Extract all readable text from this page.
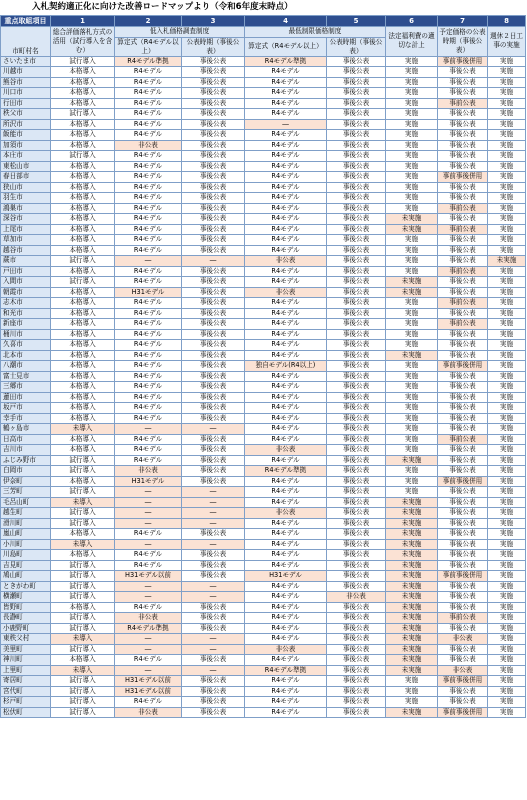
入札契約適正化に向けた改善ロードマップより（令和6年度末時点）
重点取組項目	1	2	3	4	5	6	7	8
市町村名	総合評価落札方式の活用（試行導入を含む）	低入札価格調査制度		最低制限価格制度		法定福利費の適切な計上	予定価格の公表時期（事後公表）	週休２日工事の実施
		算定式（R4モデル以上）	公表時期（事後公表）	算定式（R4モデル以上）	公表時期（事後公表）			
さいたま市	試行導入	R4モデル準拠	事後公表	R4モデル準拠	事後公表	実施	事前事後併用	実施
川越市	本格導入	R4モデル	事後公表	R4モデル	事後公表	実施	事後公表	実施
熊谷市	本格導入	R4モデル	事後公表	R4モデル	事後公表	実施	事後公表	実施
川口市	本格導入	R4モデル	事後公表	R4モデル	事後公表	実施	事後公表	実施
行田市	本格導入	R4モデル	事後公表	R4モデル	事後公表	実施	事前公表	実施
秩父市	試行導入	R4モデル	事後公表	R4モデル	事後公表	実施	事後公表	実施
所沢市	本格導入	R4モデル	事後公表	―	事後公表	実施	事後公表	実施
飯能市	本格導入	R4モデル	事後公表	R4モデル	事後公表	実施	事後公表	実施
加須市	本格導入	非公表	事後公表	R4モデル	事後公表	実施	事後公表	実施
本庄市	試行導入	R4モデル	事後公表	R4モデル	事後公表	実施	事後公表	実施
東松山市	本格導入	R4モデル	事後公表	R4モデル	事後公表	実施	事後公表	実施
春日部市	本格導入	R4モデル	事後公表	R4モデル	事後公表	実施	事前事後併用	実施
狭山市	本格導入	R4モデル	事後公表	R4モデル	事後公表	実施	事後公表	実施
羽生市	本格導入	R4モデル	事後公表	R4モデル	事後公表	実施	事後公表	実施
鴻巣市	本格導入	R4モデル	事後公表	R4モデル	事後公表	実施	事前公表	実施
深谷市	本格導入	R4モデル	事後公表	R4モデル	事後公表	未実施	事後公表	実施
上尾市	本格導入	R4モデル	事後公表	R4モデル	事後公表	未実施	事前公表	実施
草加市	本格導入	R4モデル	事後公表	R4モデル	事後公表	実施	事後公表	実施
越谷市	本格導入	R4モデル	事後公表	R4モデル	事後公表	実施	事後公表	実施
蕨市	試行導入	―	―	非公表	事後公表	実施	事後公表	未実施
戸田市	本格導入	R4モデル	事後公表	R4モデル	事後公表	実施	事前公表	実施
入間市	試行導入	R4モデル	事後公表	R4モデル	事後公表	未実施	事後公表	実施
朝霞市	本格導入	H31モデル	事後公表	非公表	事後公表	未実施	事後公表	実施
志木市	本格導入	R4モデル	事後公表	R4モデル	事後公表	実施	事前公表	実施
和光市	本格導入	R4モデル	事後公表	R4モデル	事後公表	実施	事後公表	実施
新座市	本格導入	R4モデル	事後公表	R4モデル	事後公表	実施	事前公表	実施
桶川市	本格導入	R4モデル	事後公表	R4モデル	事後公表	実施	事後公表	実施
久喜市	本格導入	R4モデル	事後公表	R4モデル	事後公表	実施	事後公表	実施
北本市	本格導入	R4モデル	事後公表	R4モデル	事後公表	未実施	事後公表	実施
八潮市	本格導入	R4モデル	事後公表	独自モデル(R4以上)	事後公表	実施	事前事後併用	実施
富士見市	本格導入	R4モデル	事後公表	R4モデル	事後公表	実施	事後公表	実施
三郷市	本格導入	R4モデル	事後公表	R4モデル	事後公表	実施	事後公表	実施
蓮田市	本格導入	R4モデル	事後公表	R4モデル	事後公表	実施	事後公表	実施
坂戸市	本格導入	R4モデル	事後公表	R4モデル	事後公表	実施	事後公表	実施
幸手市	本格導入	R4モデル	事後公表	R4モデル	事後公表	実施	事後公表	実施
鶴ヶ島市	未導入	―	―	R4モデル	事後公表	実施	事後公表	実施
日高市	本格導入	R4モデル	事後公表	R4モデル	事後公表	実施	事前公表	実施
吉川市	本格導入	R4モデル	事後公表	非公表	事後公表	実施	事後公表	実施
ふじみ野市	試行導入	R4モデル	事後公表	R4モデル	事後公表	未実施	事後公表	実施
白岡市	試行導入	非公表	事後公表	R4モデル準拠	事後公表	実施	事後公表	実施
伊奈町	本格導入	H31モデル	事後公表	R4モデル	事後公表	実施	事前事後併用	実施
三芳町	試行導入	―	―	R4モデル	事後公表	実施	事後公表	実施
毛呂山町	未導入	―	―	R4モデル	事後公表	未実施	事後公表	実施
越生町	試行導入	―	―	非公表	事後公表	未実施	事後公表	実施
滑川町	試行導入	―	―	R4モデル	事後公表	未実施	事後公表	実施
嵐山町	本格導入	R4モデル	事後公表	R4モデル	事後公表	未実施	事後公表	実施
小川町	未導入	―	―	R4モデル	事後公表	未実施	事後公表	実施
川島町	本格導入	R4モデル	事後公表	R4モデル	事後公表	未実施	事後公表	実施
吉見町	試行導入	R4モデル	事後公表	R4モデル	事後公表	未実施	事後公表	実施
鳩山町	試行導入	H31モデル以前	事後公表	H31モデル	事後公表	未実施	事前事後併用	実施
ときがわ町	試行導入	―	―	R4モデル	事後公表	未実施	事後公表	実施
横瀬町	試行導入	―	―	R4モデル	非公表	未実施	事後公表	実施
皆野町	本格導入	R4モデル	事後公表	R4モデル	事後公表	未実施	事後公表	実施
長瀞町	試行導入	非公表	事後公表	R4モデル	事後公表	未実施	事前公表	実施
小鹿野町	試行導入	R4モデル準拠	事後公表	R4モデル	事後公表	未実施	事後公表	実施
東秩父村	未導入	―	―	R4モデル	事後公表	未実施	非公表	実施
美里町	試行導入	―	―	非公表	事後公表	未実施	事後公表	実施
神川町	本格導入	R4モデル	事後公表	R4モデル	事後公表	未実施	事後公表	実施
上里町	未導入	―	―	R4モデル準拠	事後公表	未実施	非公表	実施
寄居町	試行導入	H31モデル以前	事後公表	R4モデル	事後公表	実施	事前事後併用	実施
宮代町	試行導入	H31モデル以前	事後公表	R4モデル	事後公表	実施	事後公表	実施
杉戸町	試行導入	R4モデル	事後公表	R4モデル	事後公表	実施	事後公表	実施
松伏町	試行導入	非公表	事後公表	R4モデル	事後公表	未実施	事前事後併用	実施
